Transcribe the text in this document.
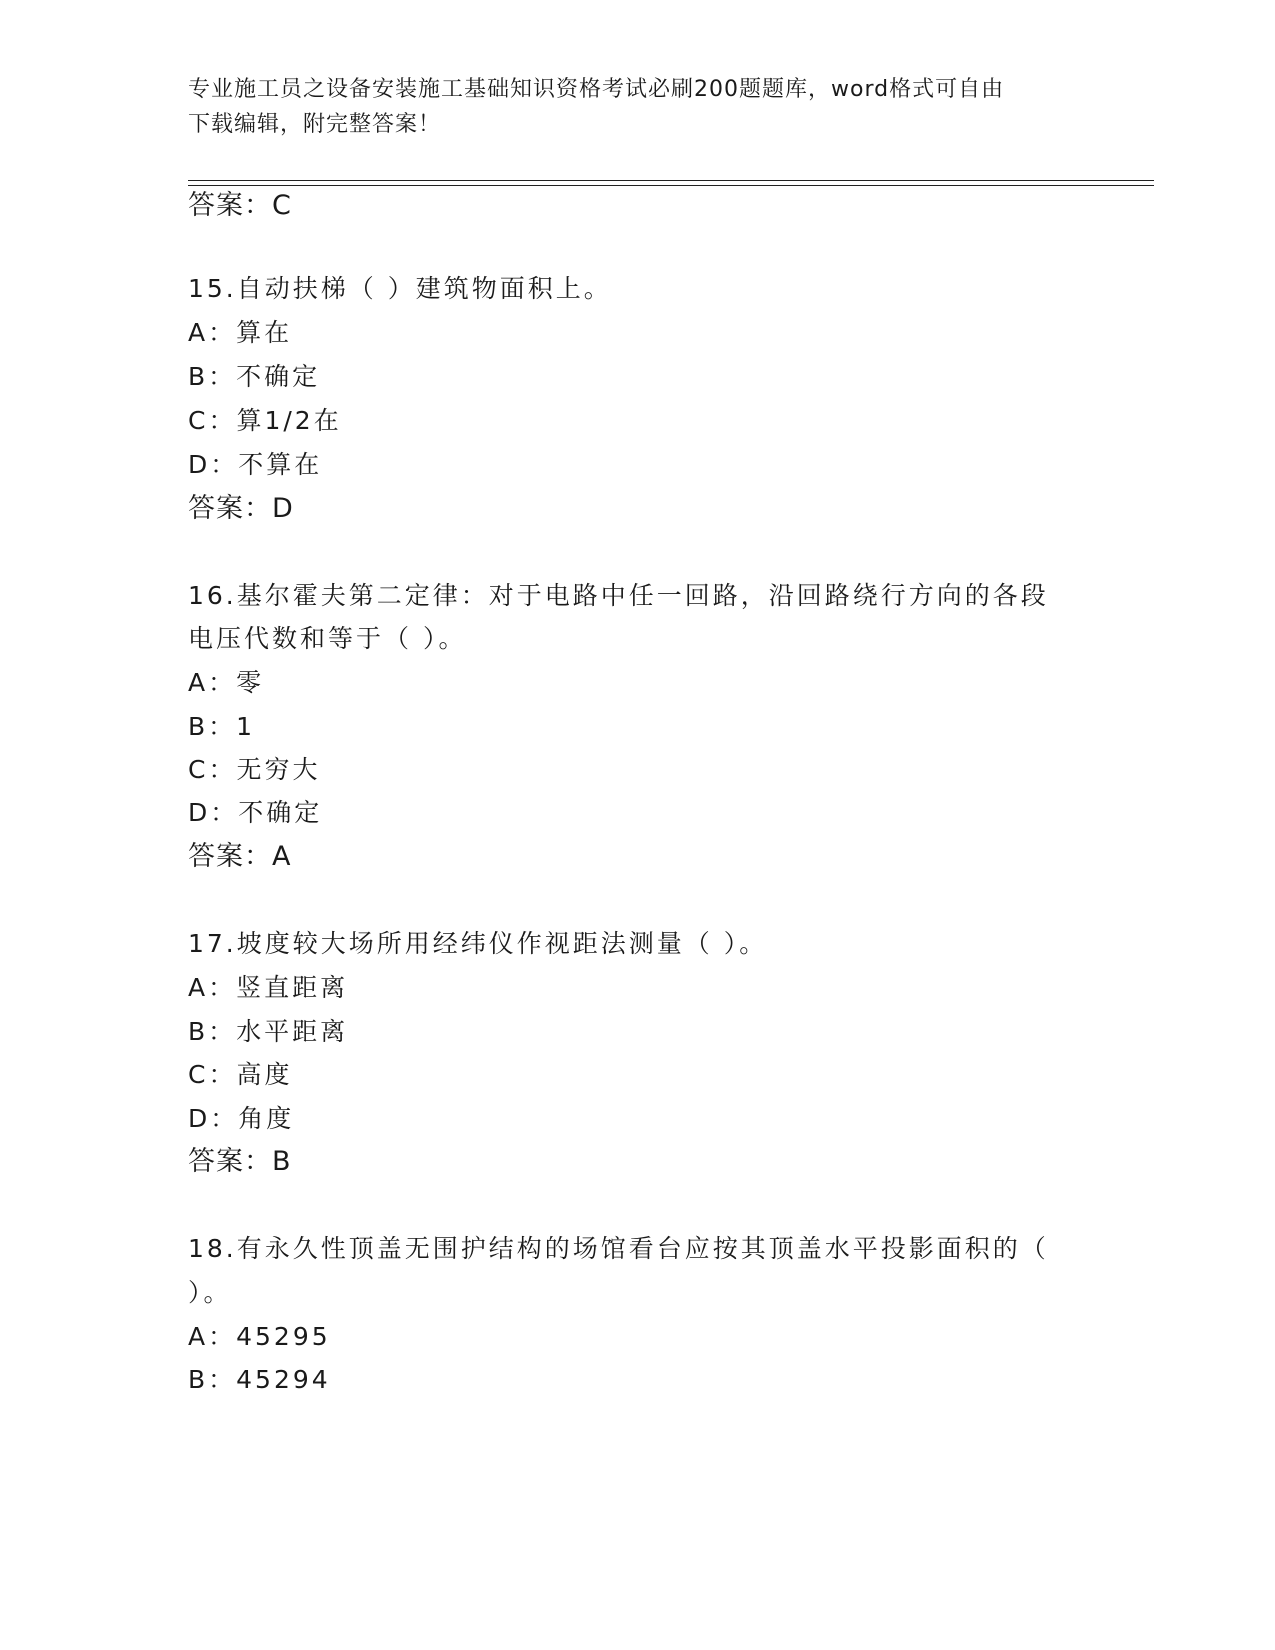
专业施工员之设备安装施工基础知识资格考试必刷200题题库，word格式可自由
下载编辑，附完整答案！
答案：C
15.自动扶梯（ ）建筑物面积上。
A：算在
B：不确定
C：算1/2在
D：不算在
答案：D
16.基尔霍夫第二定律：对于电路中任一回路，沿回路绕行方向的各段
电压代数和等于（ ）。
A：零
B：1
C：无穷大
D：不确定
答案：A
17.坡度较大场所用经纬仪作视距法测量（ ）。
A：竖直距离
B：水平距离
C：高度
D：角度
答案：B
18.有永久性顶盖无围护结构的场馆看台应按其顶盖水平投影面积的（
）。
A：45295
B：45294
